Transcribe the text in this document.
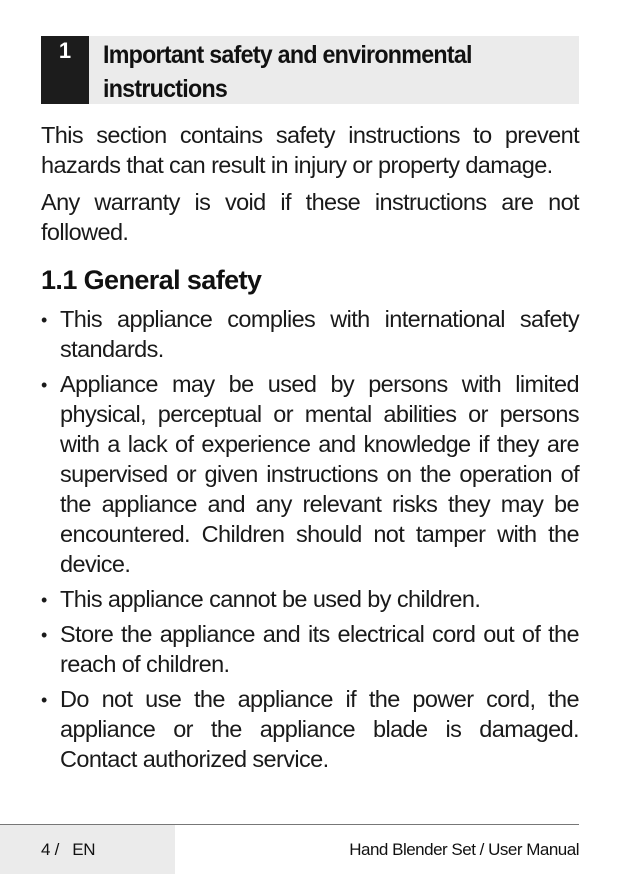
1	Important safety and environmental instructions

This section contains safety instructions to prevent hazards that can result in injury or property damage.

Any warranty is void if these instructions are not followed.

1.1 General safety
• This appliance complies with international safety standards.
• Appliance may be used by persons with limited physical, perceptual or mental abilities or persons with a lack of experience and knowledge if they are supervised or given instructions on the operation of the appliance and any relevant risks they may be encountered. Children should not tamper with the device.
• This appliance cannot be used by children.
• Store the appliance and its electrical cord out of the reach of children.
• Do not use the appliance if the power cord, the appliance or the appliance blade is damaged. Contact authorized service.
4 /   EN	Hand Blender Set / User Manual
